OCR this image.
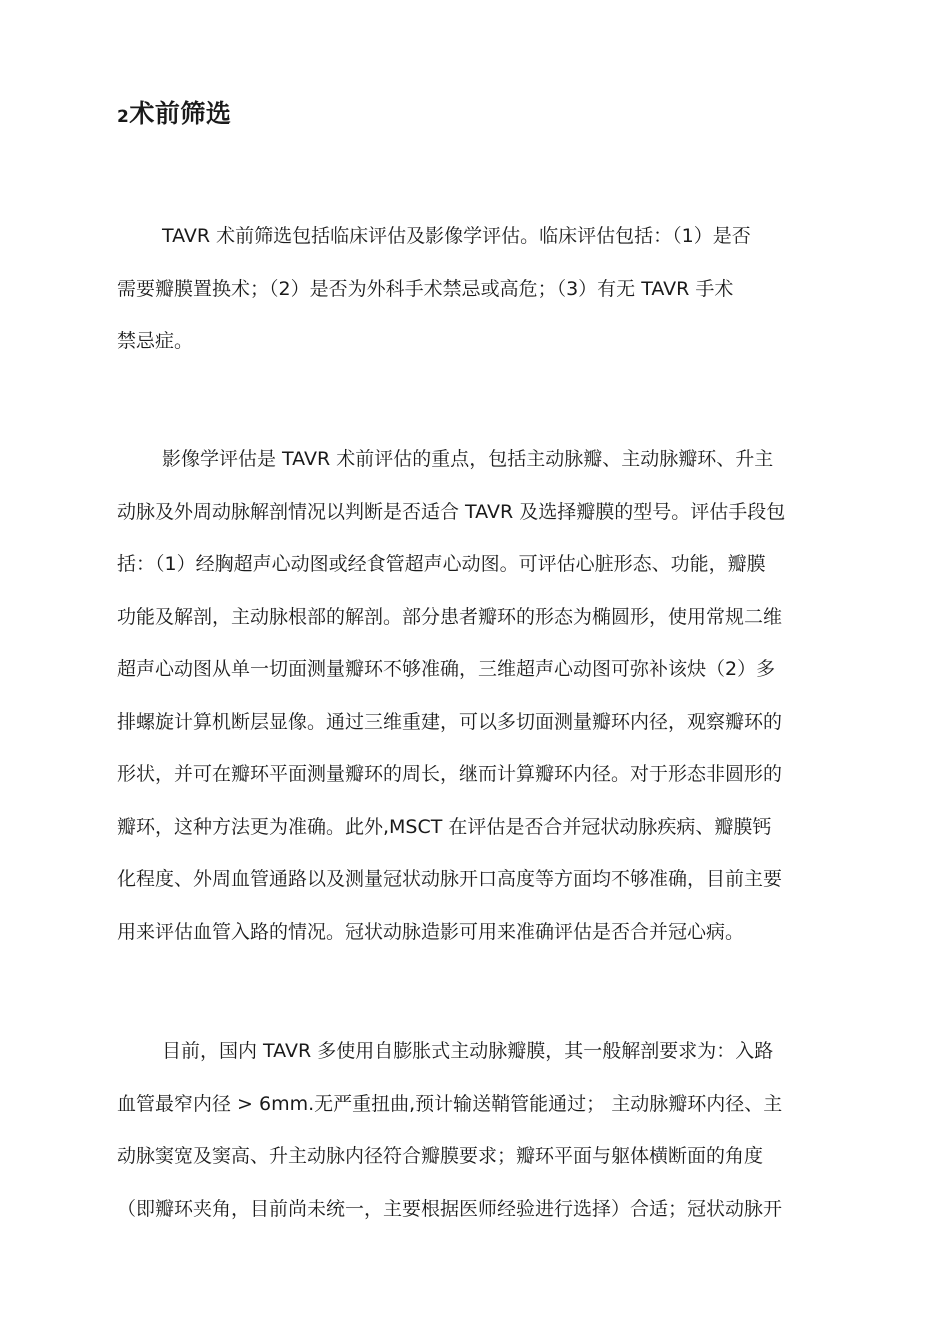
2术前筛选
TAVR 术前筛选包括临床评估及影像学评估。临床评估包括：（1）是否
需要瓣膜置换术；（2）是否为外科手术禁忌或高危；（3）有无 TAVR 手术
禁忌症。
影像学评估是 TAVR 术前评估的重点，包括主动脉瓣、主动脉瓣环、升主
动脉及外周动脉解剖情况以判断是否适合 TAVR 及选择瓣膜的型号。评估手段包
括：（1）经胸超声心动图或经食管超声心动图。可评估心脏形态、功能，瓣膜
功能及解剖，主动脉根部的解剖。部分患者瓣环的形态为椭圆形，使用常规二维
超声心动图从单一切面测量瓣环不够准确，三维超声心动图可弥补该炔（2）多
排螺旋计算机断层显像。通过三维重建，可以多切面测量瓣环内径，观察瓣环的
形状，并可在瓣环平面测量瓣环的周长，继而计算瓣环内径。对于形态非圆形的
瓣环，这种方法更为准确。此外,MSCT 在评估是否合并冠状动脉疾病、瓣膜钙
化程度、外周血管通路以及测量冠状动脉开口高度等方面均不够准确，目前主要
用来评估血管入路的情况。冠状动脉造影可用来准确评估是否合并冠心病。
目前，国内 TAVR 多使用自膨胀式主动脉瓣膜，其一般解剖要求为：入路
血管最窄内径 > 6mm.无严重扭曲,预计输送鞘管能通过； 主动脉瓣环内径、主
动脉窦宽及窦高、升主动脉内径符合瓣膜要求；瓣环平面与躯体横断面的角度
（即瓣环夹角，目前尚未统一，主要根据医师经验进行选择）合适；冠状动脉开
